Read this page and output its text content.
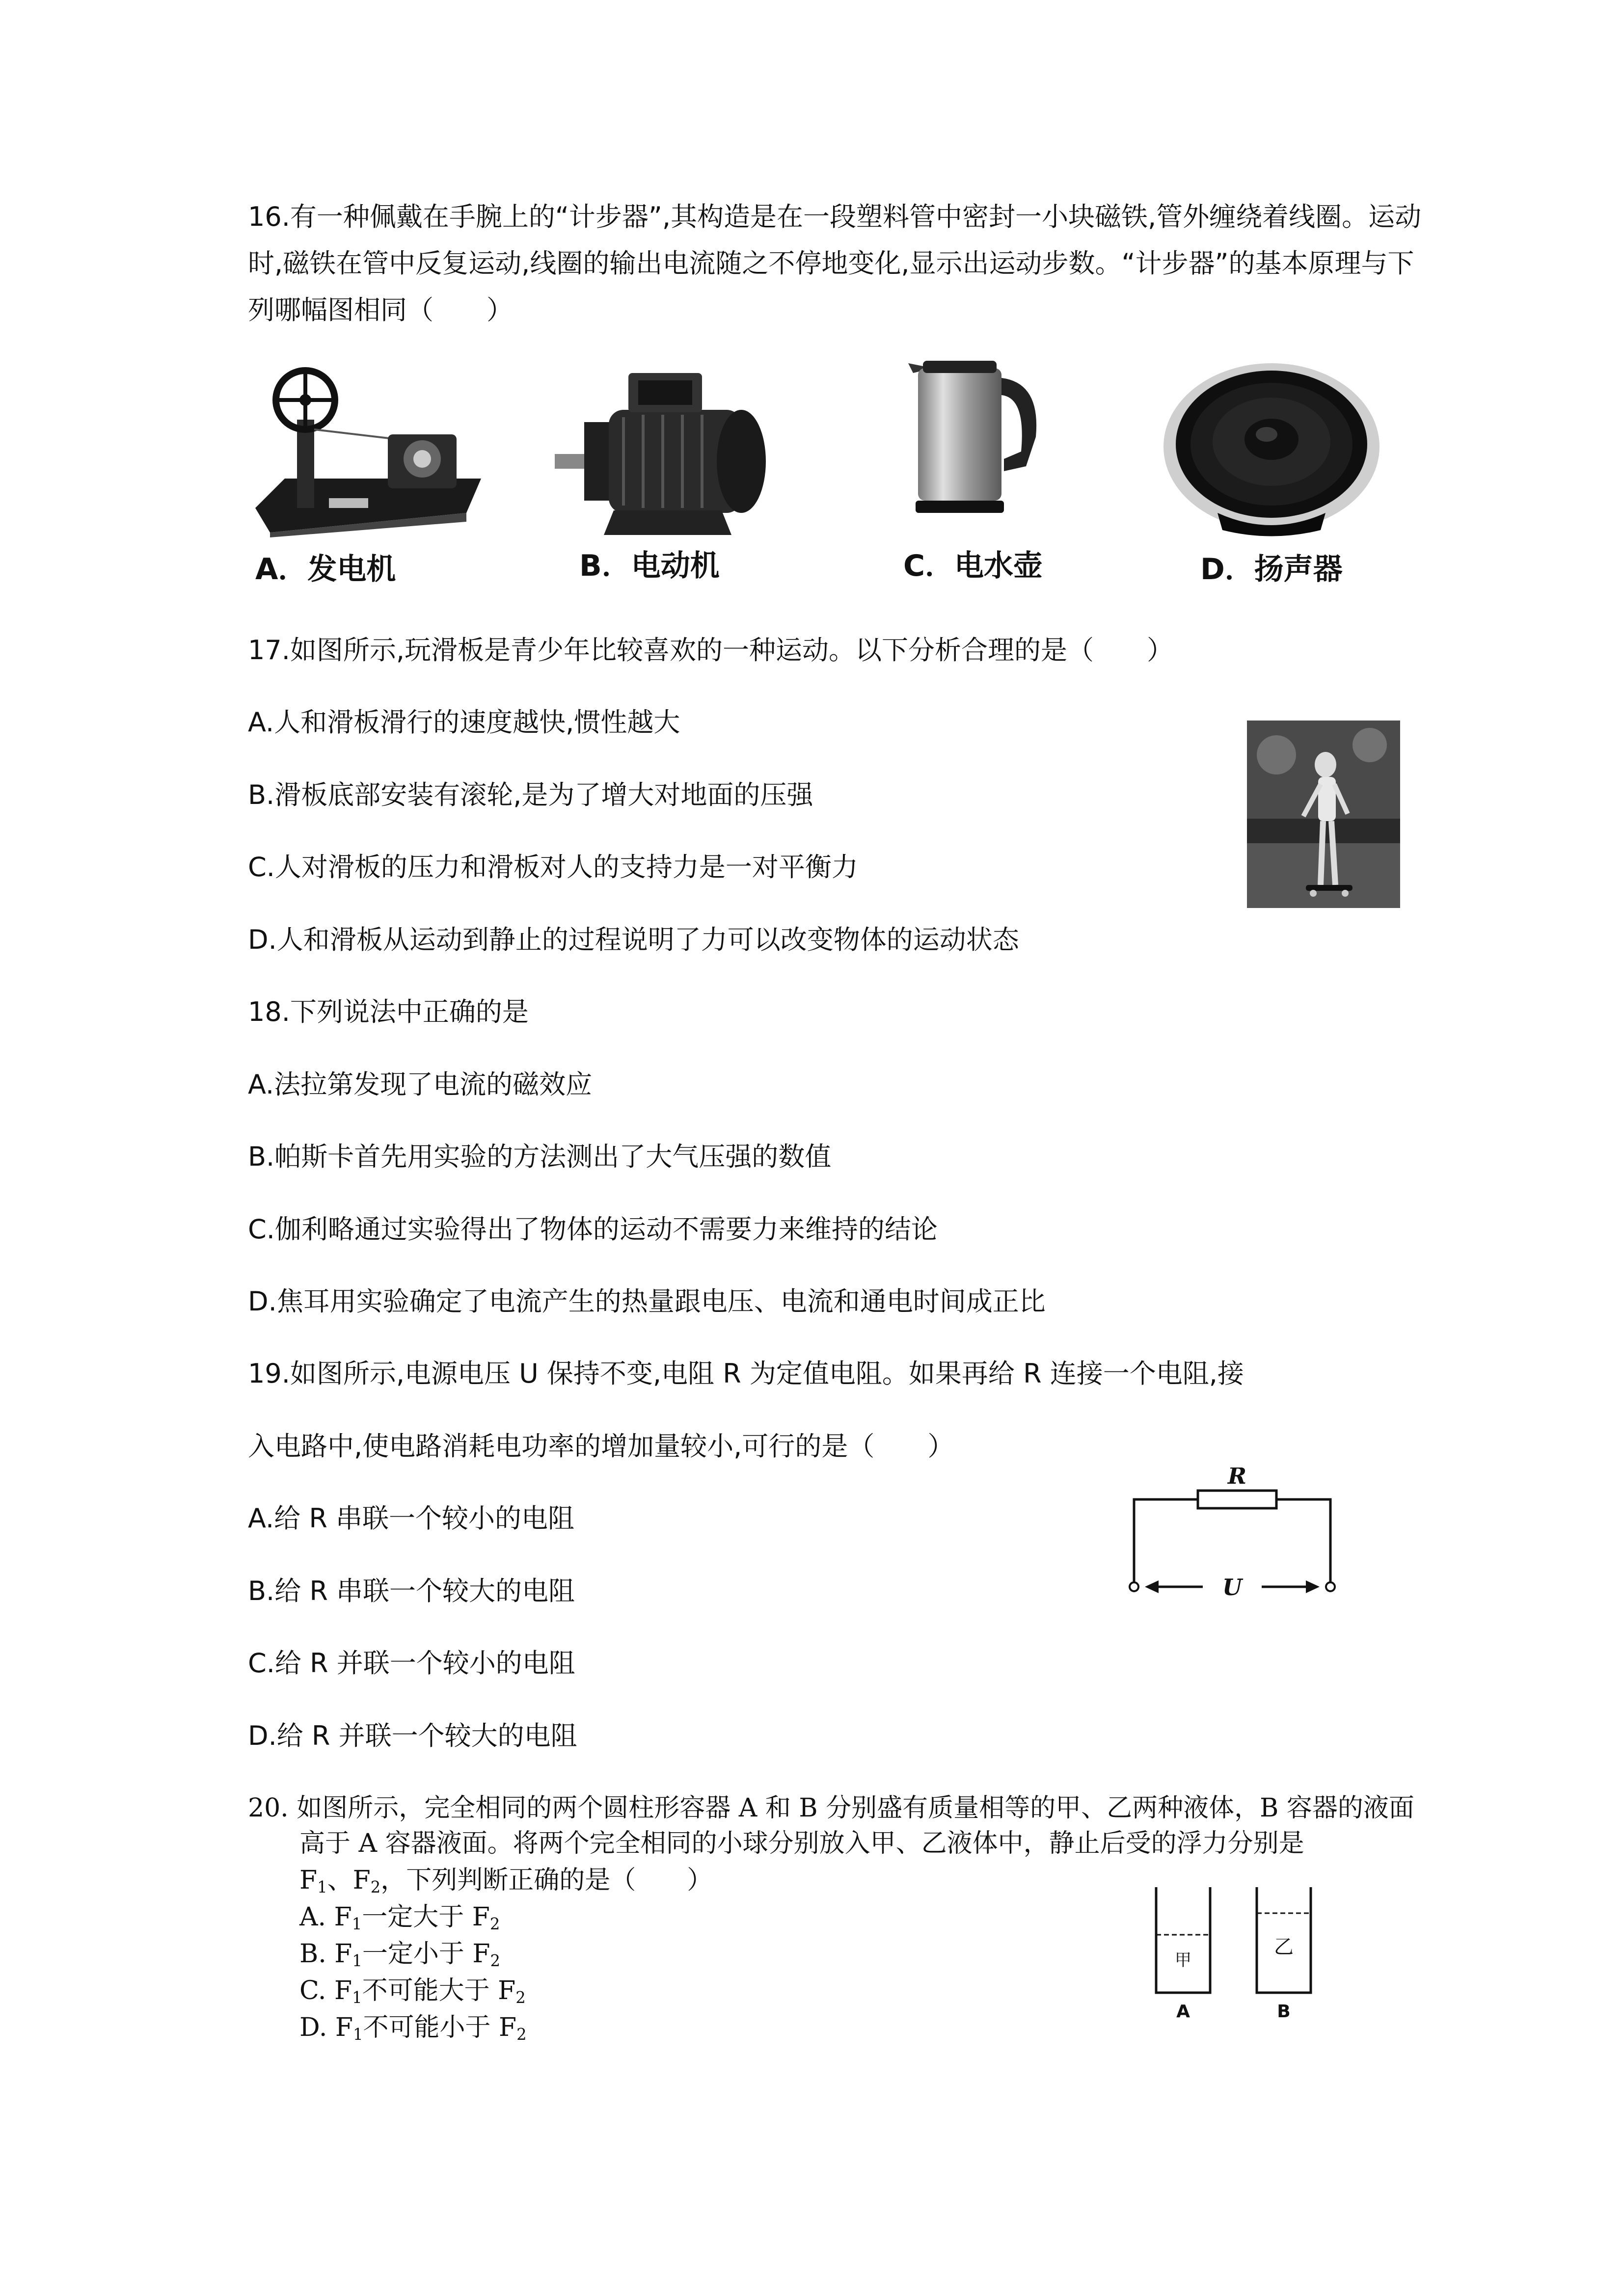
16.有一种佩戴在手腕上的“计步器”,其构造是在一段塑料管中密封一小块磁铁,管外缠绕着线圈。运动
时,磁铁在管中反复运动,线圈的输出电流随之不停地变化,显示出运动步数。“计步器”的基本原理与下
列哪幅图相同（　　）
A．发电机	B．电动机	C．电水壶	D．扬声器
17.如图所示,玩滑板是青少年比较喜欢的一种运动。以下分析合理的是（　　）
A.人和滑板滑行的速度越快,惯性越大
B.滑板底部安装有滚轮,是为了增大对地面的压强
C.人对滑板的压力和滑板对人的支持力是一对平衡力
D.人和滑板从运动到静止的过程说明了力可以改变物体的运动状态
18.下列说法中正确的是
A.法拉第发现了电流的磁效应
B.帕斯卡首先用实验的方法测出了大气压强的数值
C.伽利略通过实验得出了物体的运动不需要力来维持的结论
D.焦耳用实验确定了电流产生的热量跟电压、电流和通电时间成正比
19.如图所示,电源电压 U 保持不变,电阻 R 为定值电阻。如果再给 R 连接一个电阻,接
入电路中,使电路消耗电功率的增加量较小,可行的是（　　）
A.给 R 串联一个较小的电阻
B.给 R 串联一个较大的电阻
C.给 R 并联一个较小的电阻
D.给 R 并联一个较大的电阻
R
U
20. 如图所示，完全相同的两个圆柱形容器 A 和 B 分别盛有质量相等的甲、乙两种液体，B 容器的液面
高于 A 容器液面。将两个完全相同的小球分别放入甲、乙液体中，静止后受的浮力分别是
$F_1$、$F_2$，下列判断正确的是（　　）
A. $F_1$一定大于 $F_2$
B. $F_1$一定小于 $F_2$
C. $F_1$不可能大于 $F_2$
D. $F_1$不可能小于 $F_2$
甲
乙
A	B
